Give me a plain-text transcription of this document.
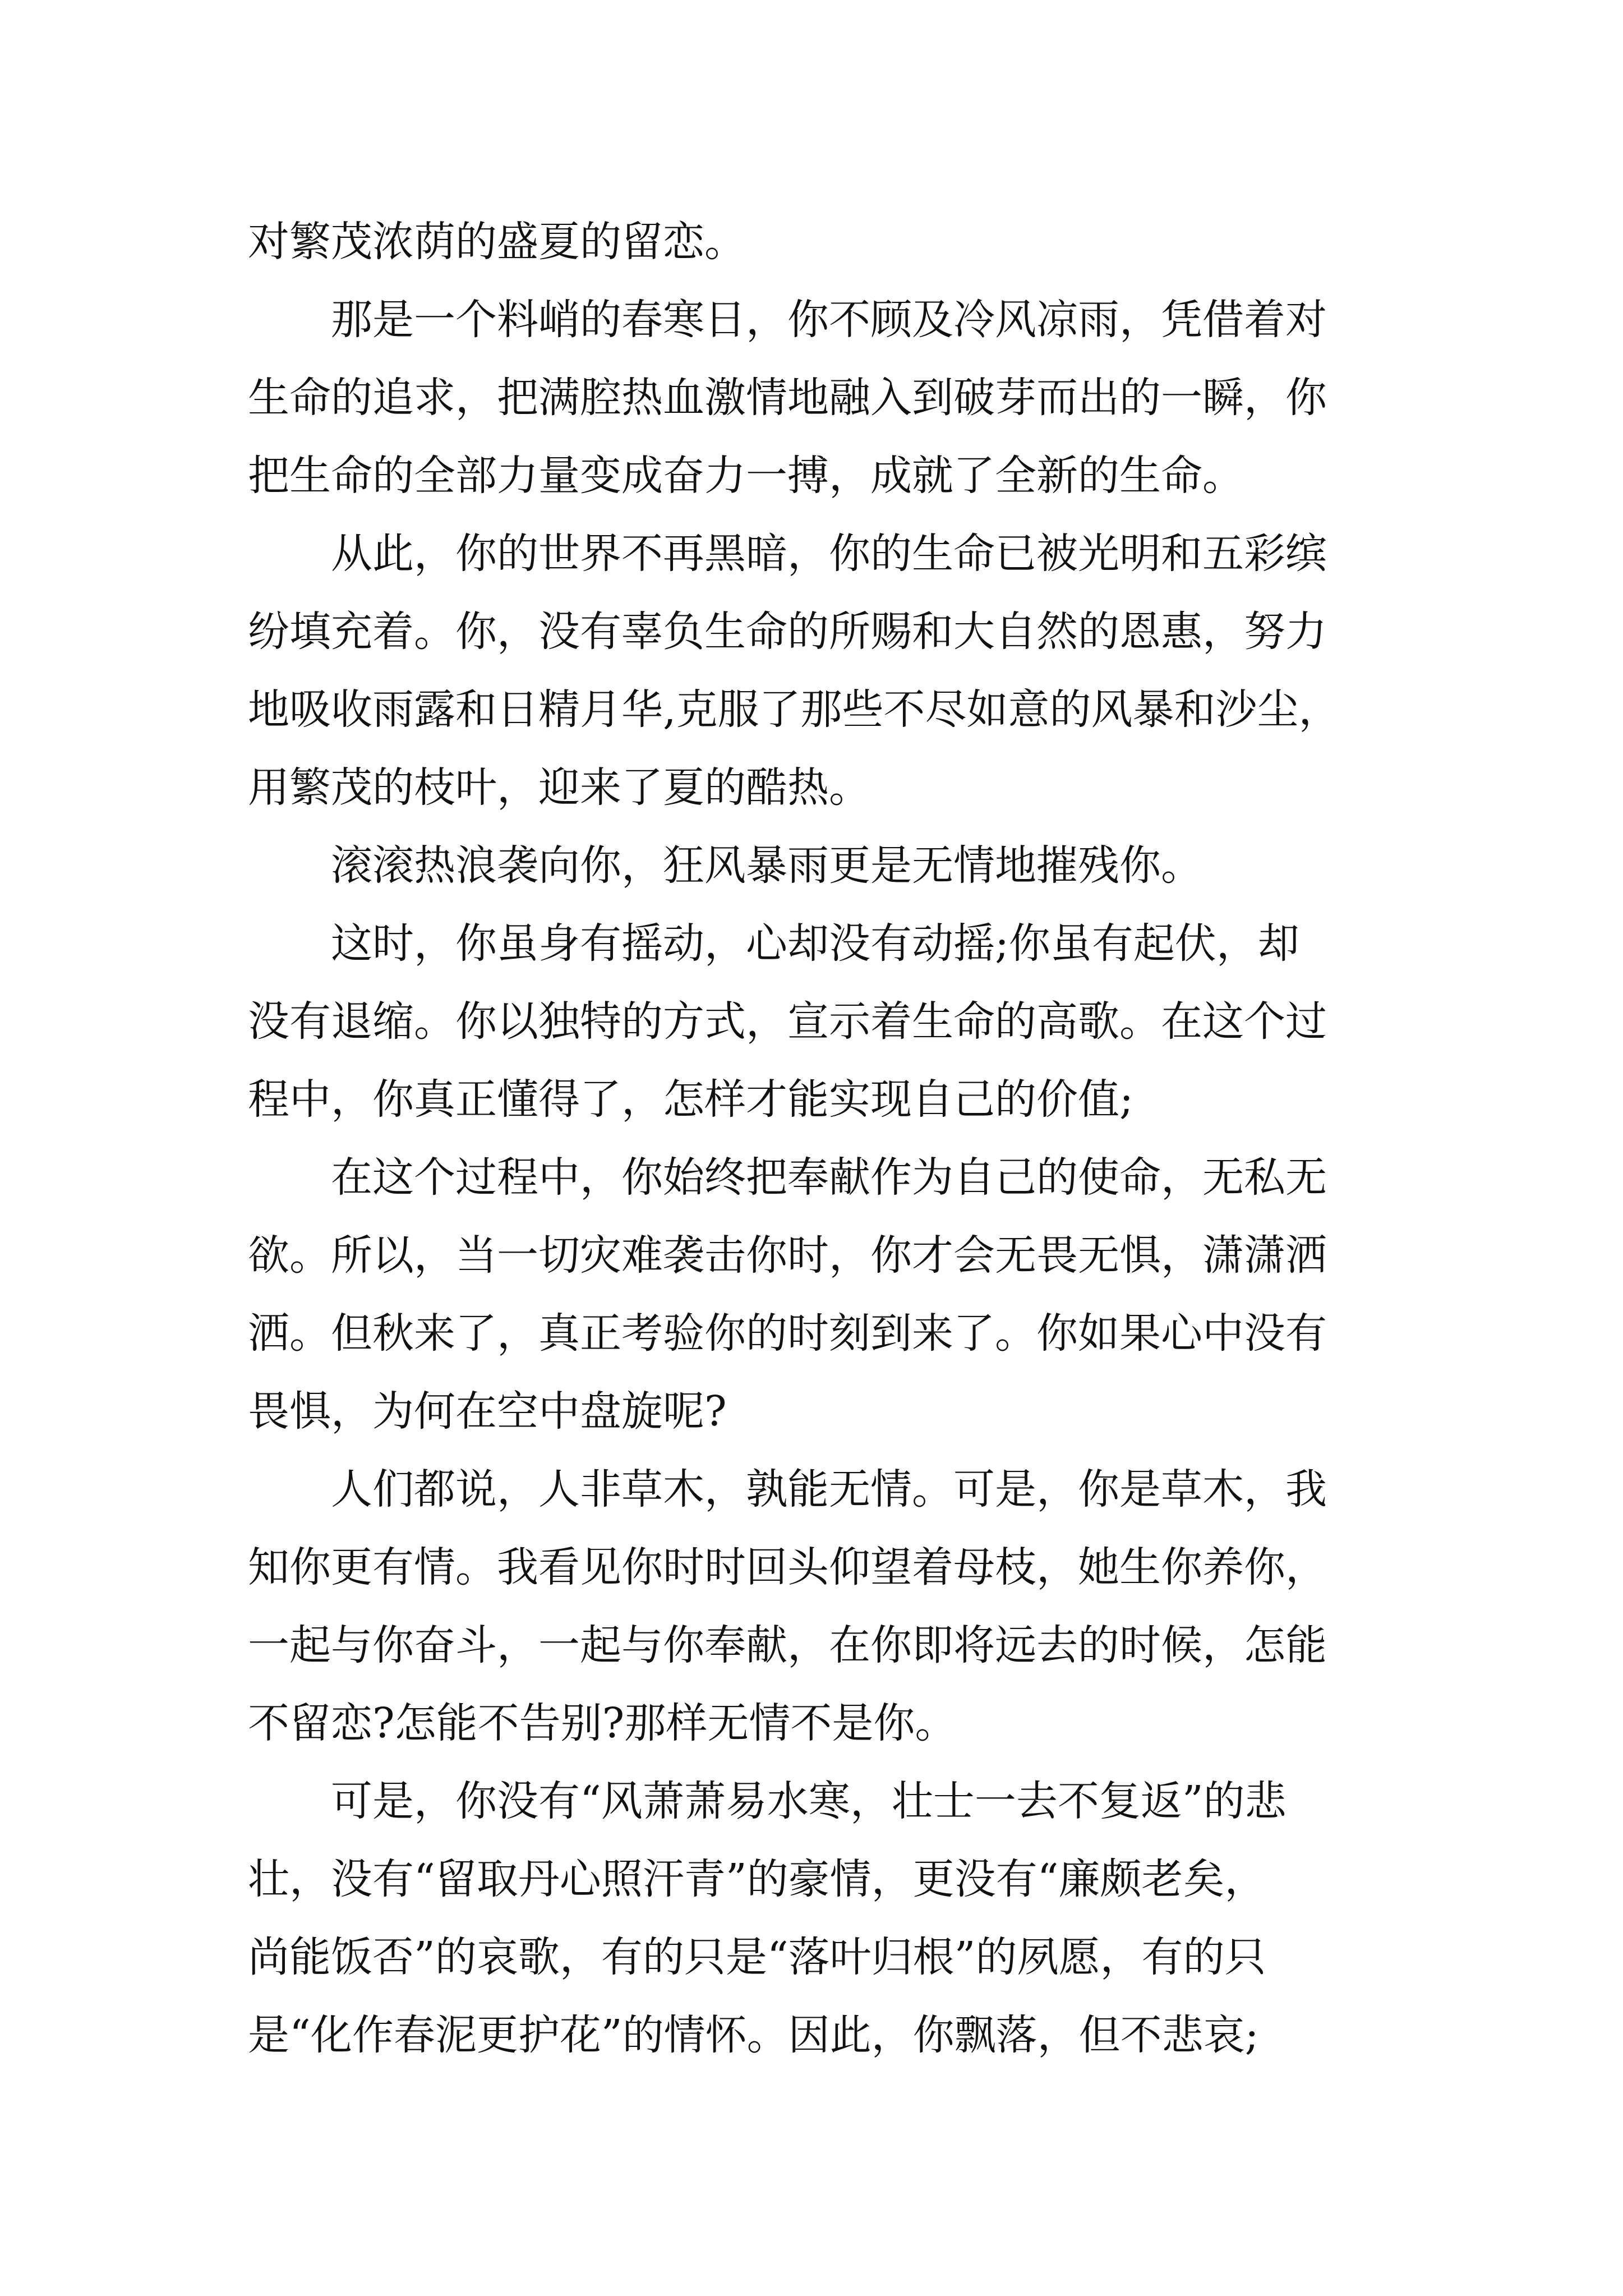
对繁茂浓荫的盛夏的留恋。
　　那是一个料峭的春寒日，你不顾及冷风凉雨，凭借着对
生命的追求，把满腔热血激情地融入到破芽而出的一瞬，你
把生命的全部力量变成奋力一搏，成就了全新的生命。
　　从此，你的世界不再黑暗，你的生命已被光明和五彩缤
纷填充着。你，没有辜负生命的所赐和大自然的恩惠，努力
地吸收雨露和日精月华,克服了那些不尽如意的风暴和沙尘，
用繁茂的枝叶，迎来了夏的酷热。
　　滚滚热浪袭向你，狂风暴雨更是无情地摧残你。
　　这时，你虽身有摇动，心却没有动摇;你虽有起伏，却
没有退缩。你以独特的方式，宣示着生命的高歌。在这个过
程中，你真正懂得了，怎样才能实现自己的价值;
　　在这个过程中，你始终把奉献作为自己的使命，无私无
欲。所以，当一切灾难袭击你时，你才会无畏无惧，潇潇洒
洒。但秋来了，真正考验你的时刻到来了。你如果心中没有
畏惧，为何在空中盘旋呢?
　　人们都说，人非草木，孰能无情。可是，你是草木，我
知你更有情。我看见你时时回头仰望着母枝，她生你养你，
一起与你奋斗，一起与你奉献，在你即将远去的时候，怎能
不留恋?怎能不告别?那样无情不是你。
　　可是，你没有“风萧萧易水寒，壮士一去不复返”的悲
壮，没有“留取丹心照汗青”的豪情，更没有“廉颇老矣，
尚能饭否”的哀歌，有的只是“落叶归根”的夙愿，有的只
是“化作春泥更护花”的情怀。因此，你飘落，但不悲哀;
